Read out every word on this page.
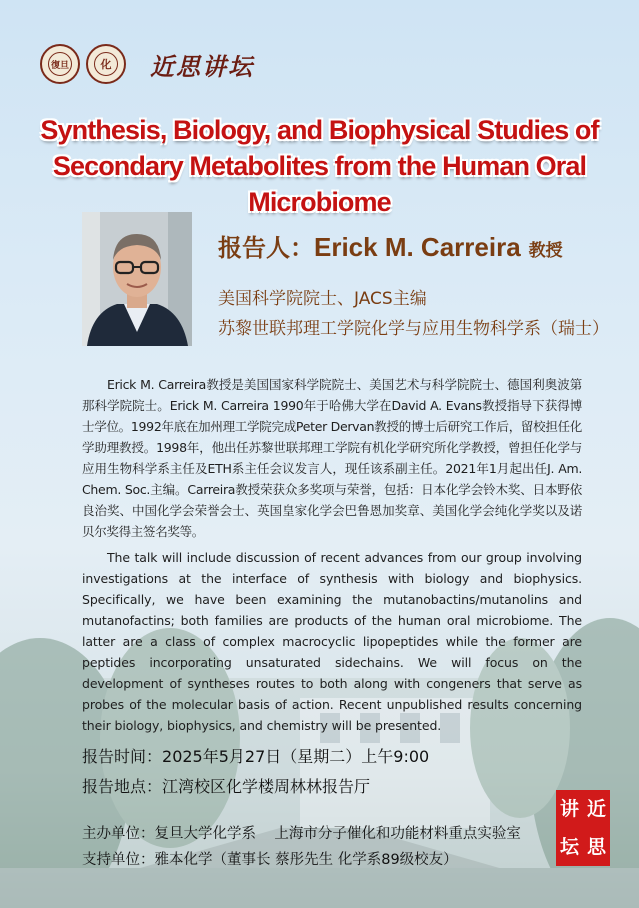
復旦	化 近思讲坛
Synthesis, Biology, and Biophysical Studies of
Secondary Metabolites from the Human Oral Microbiome
报告人：Erick M. Carreira 教授
美国科学院院士、JACS主编
苏黎世联邦理工学院化学与应用生物科学系（瑞士）
Erick M. Carreira教授是美国国家科学院院士、美国艺术与科学院院士、德国利奥波第那科学院院士。Erick M. Carreira 1990年于哈佛大学在David A. Evans教授指导下获得博士学位。1992年底在加州理工学院完成Peter Dervan教授的博士后研究工作后，留校担任化学助理教授。1998年，他出任苏黎世联邦理工学院有机化学研究所化学教授，曾担任化学与应用生物科学系主任及ETH系主任会议发言人，现任该系副主任。2021年1月起出任J. Am. Chem. Soc.主编。Carreira教授荣获众多奖项与荣誉，包括：日本化学会铃木奖、日本野依良治奖、中国化学会荣誉会士、英国皇家化学会巴鲁恩加奖章、美国化学会纯化学奖以及诺贝尔奖得主签名奖等。
The talk will include discussion of recent advances from our group involving investigations at the interface of synthesis with biology and biophysics. Specifically, we have been examining the mutanobactins/mutanolins and mutanofactins; both families are products of the human oral microbiome. The latter are a class of complex macrocyclic lipopeptides while the former are peptides incorporating unsaturated sidechains. We will focus on the development of syntheses routes to both along with congeners that serve as probes of the molecular basis of action. Recent unpublished results concerning their biology, biophysics, and chemistry will be presented.
报告时间：2025年5月27日（星期二）上午9:00
报告地点：江湾校区化学楼周林林报告厅
主办单位：复旦大学化学系    上海市分子催化和功能材料重点实验室
支持单位：雅本化学（董事长 蔡彤先生 化学系89级校友）
讲 近
坛 思
